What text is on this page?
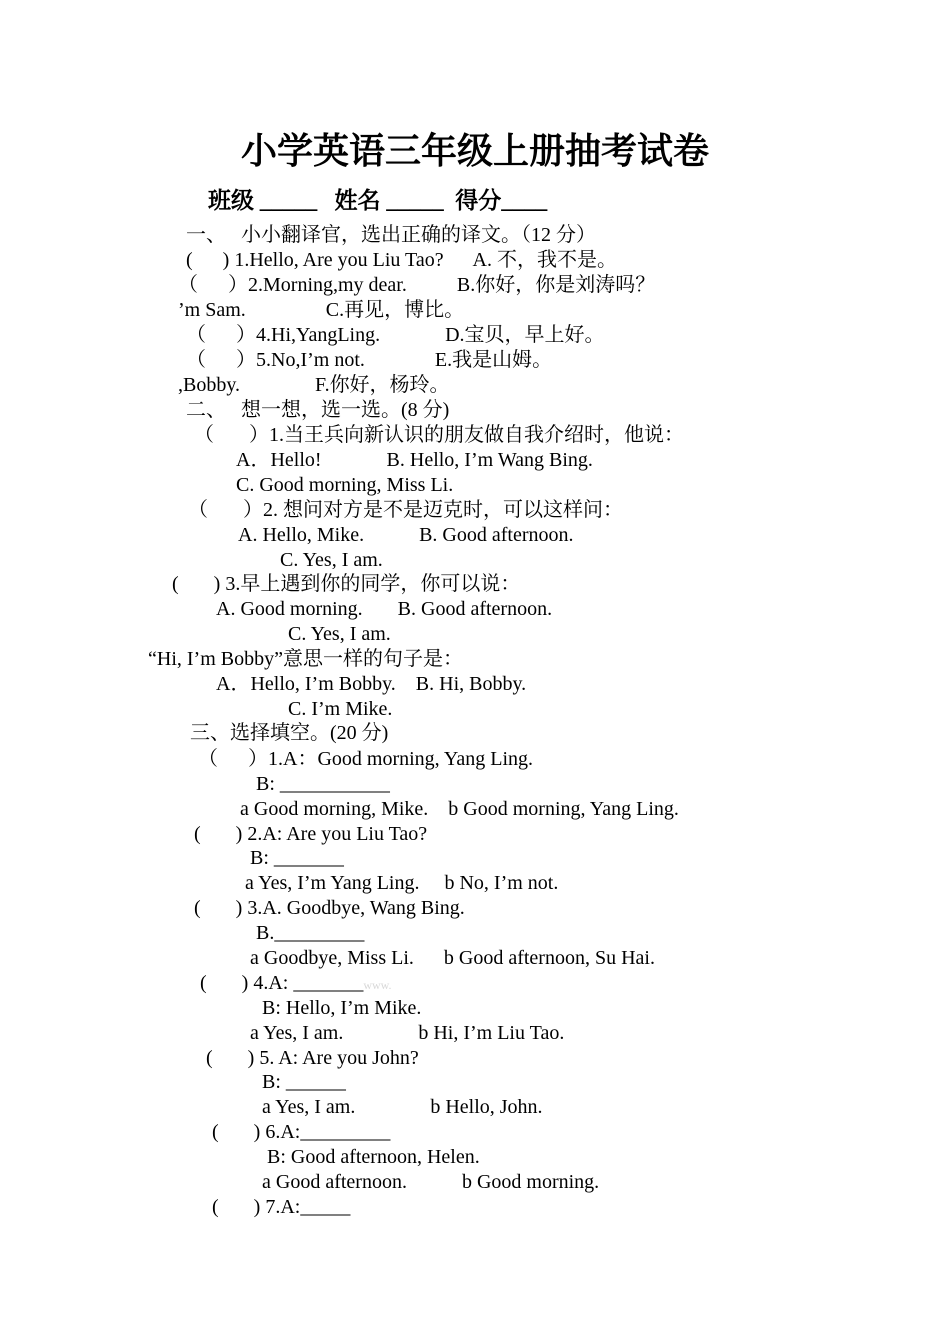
小学英语三年级上册抽考试卷
班级 _____   姓名 _____  得分____
一、   小小翻译官，选出正确的译文。（12 分）
(      ) 1.Hello, Are you Liu Tao?      A. 不，我不是。
（      ）2.Morning,my dear.          B.你好，你是刘涛吗？
’m Sam.                C.再见，博比。
（      ）4.Hi,YangLing.             D.宝贝，早上好。
（      ）5.No,I’m not.              E.我是山姆。
,Bobby.               F.你好，杨玲。
二、   想一想，选一选。(8 分)
（       ）1.当王兵向新认识的朋友做自我介绍时，他说：
A．Hello!             B. Hello, I’m Wang Bing.
C. Good morning, Miss Li.
（       ）2. 想问对方是不是迈克时，可以这样问：
A. Hello, Mike.           B. Good afternoon.
C. Yes, I am.
(       ) 3.早上遇到你的同学，你可以说：
A. Good morning.       B. Good afternoon.
C. Yes, I am.
“Hi, I’m Bobby”意思一样的句子是：
A．Hello, I’m Bobby.    B. Hi, Bobby.
C. I’m Mike.
三、选择填空。(20 分)
（      ）1.A：Good morning, Yang Ling.
B: ___________
a Good morning, Mike.    b Good morning, Yang Ling.
(       ) 2.A: Are you Liu Tao?
B: _______
a Yes, I’m Yang Ling.     b No, I’m not.
(       ) 3.A. Goodbye, Wang Bing.
B._________
a Goodbye, Miss Li.      b Good afternoon, Su Hai.
(       ) 4.A: _______www.
B: Hello, I’m Mike.
a Yes, I am.               b Hi, I’m Liu Tao.
(       ) 5. A: Are you John?
B: ______
a Yes, I am.               b Hello, John.
(       ) 6.A:_________
B: Good afternoon, Helen.
a Good afternoon.           b Good morning.
(       ) 7.A:_____
